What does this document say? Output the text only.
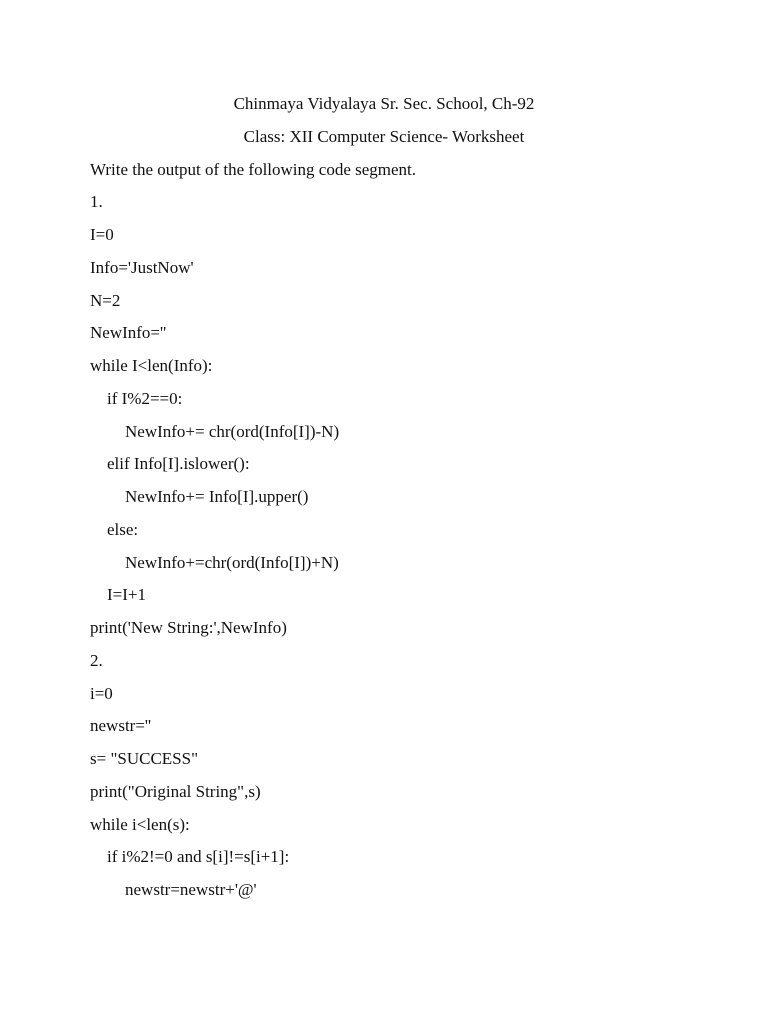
Chinmaya Vidyalaya Sr. Sec. School, Ch-92
Class: XII Computer Science- Worksheet
Write the output of the following code segment.
1.
I=0
Info='JustNow'
N=2
NewInfo=''
while I<len(Info):
if I%2==0:
NewInfo+= chr(ord(Info[I])-N)
elif Info[I].islower():
NewInfo+= Info[I].upper()
else:
NewInfo+=chr(ord(Info[I])+N)
I=I+1
print('New String:',NewInfo)
2.
i=0
newstr=''
s= "SUCCESS"
print("Original String",s)
while i<len(s):
if i%2!=0 and s[i]!=s[i+1]:
newstr=newstr+'@'
